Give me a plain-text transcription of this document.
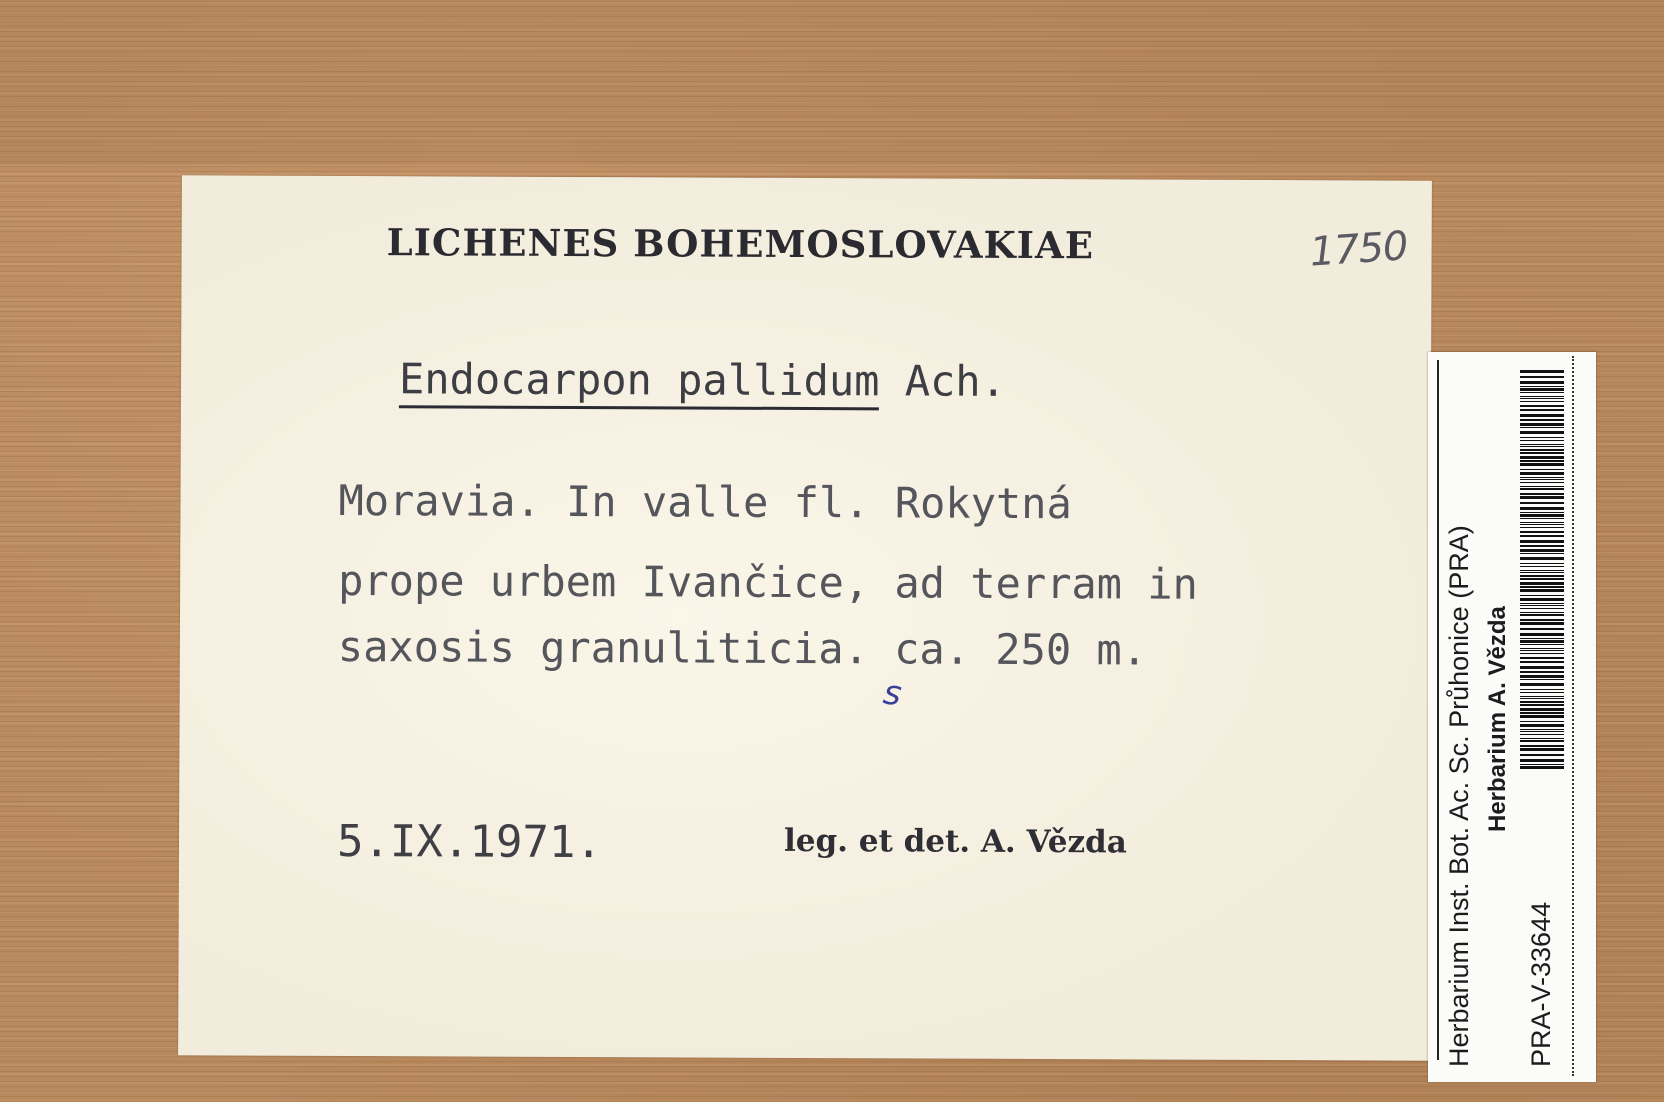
LICHENES BOHEMOSLOVAKIAE	1750
Endocarpon pallidum Ach.
Moravia. In valle fl. Rokytná
prope urbem Ivančice, ad terram in
saxosis granuliticia. ca. 250 m.
s
5.IX.1971.	leg. et det. A. Vězda	Herbarium Inst. Bot. Ac. Sc. Průhonice (PRA) Herbarium A. Vězda
PRA-V-33644
